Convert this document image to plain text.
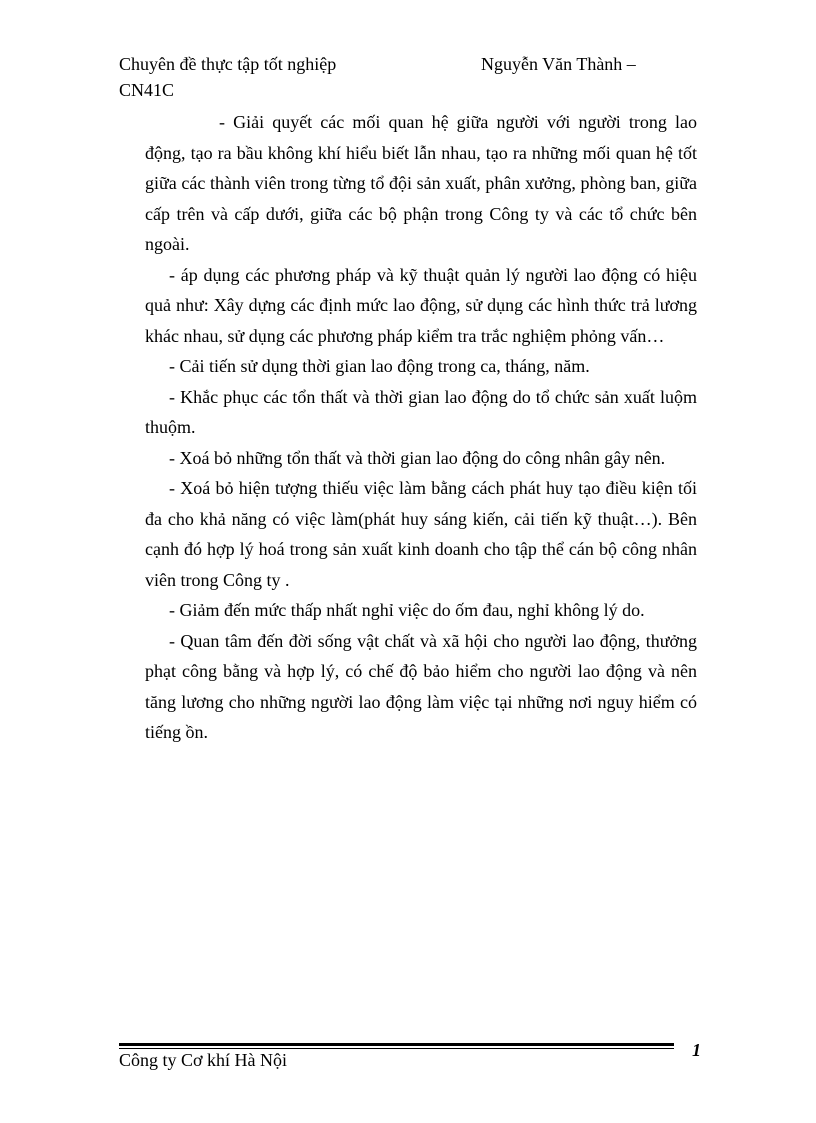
Chuyên đề thực tập tốt nghiệp	Nguyễn Văn Thành –
CN41C

- Giải quyết các mối quan hệ giữa người với người trong lao động, tạo ra bầu không khí hiểu biết lẫn nhau, tạo ra những mối quan hệ tốt giữa các thành viên trong từng tổ đội sản xuất, phân xưởng, phòng ban, giữa cấp trên và cấp dưới, giữa các bộ phận trong Công ty và các tổ chức bên ngoài.

- áp dụng các phương pháp và kỹ thuật quản lý người lao động có hiệu quả như: Xây dựng các định mức lao động, sử dụng các hình thức trả lương khác nhau, sử dụng các phương pháp kiểm tra trắc nghiệm phỏng vấn…

- Cải tiến sử dụng thời gian lao động trong ca, tháng, năm.

- Khắc phục các tổn thất và thời gian lao động do tổ chức sản xuất luộm thuộm.

- Xoá bỏ những tổn thất và thời gian lao động do công nhân gây nên.

- Xoá bỏ hiện tượng thiếu việc làm bằng cách phát huy tạo điều kiện tối đa cho khả năng có việc làm(phát huy sáng kiến, cải tiến kỹ thuật…). Bên cạnh đó hợp lý hoá trong sản xuất kinh doanh cho tập thể cán bộ công nhân viên trong Công ty .

- Giảm đến mức thấp nhất nghỉ việc do ốm đau, nghỉ không lý do.

- Quan tâm đến đời sống vật chất và xã hội cho người lao động, thưởng phạt công bằng và hợp lý, có chế độ bảo hiểm cho người lao động và nên tăng lương cho những người lao động làm việc tại những nơi nguy hiểm có tiếng ồn.

Công ty Cơ khí Hà Nội	1
